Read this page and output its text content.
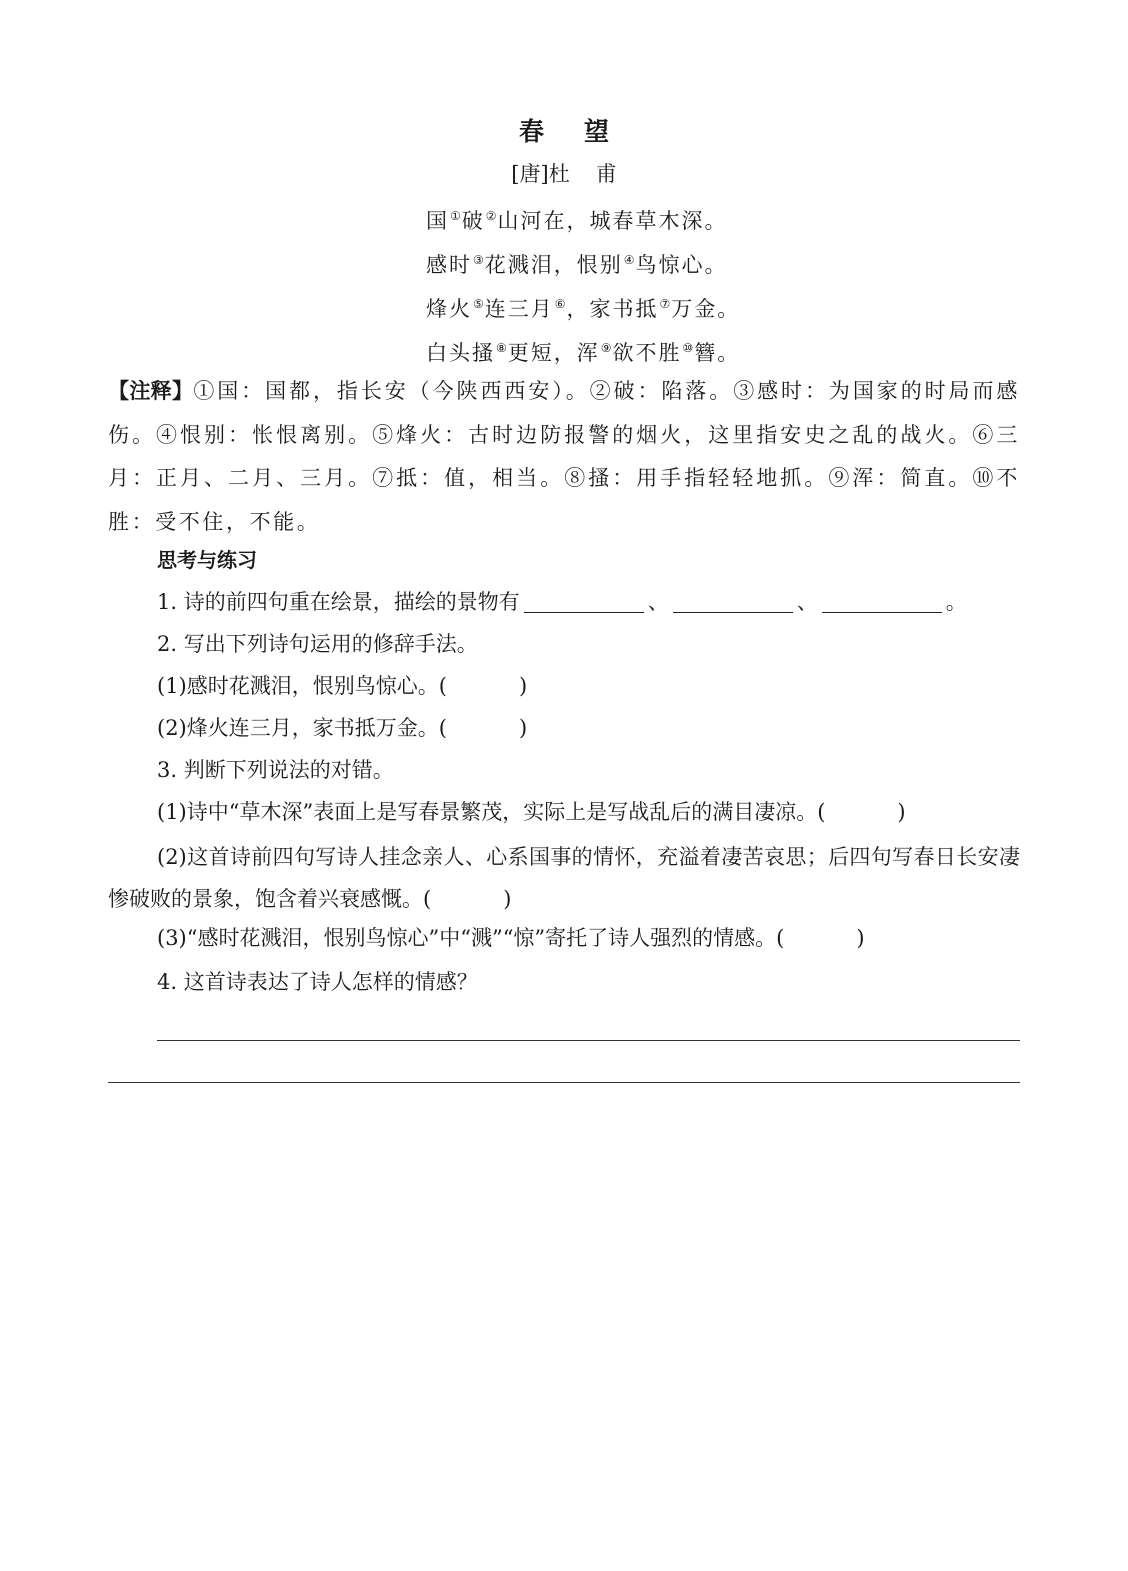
春望
[唐]杜 甫
国①破②山河在，城春草木深。
感时③花溅泪，恨别④鸟惊心。
烽火⑤连三月⑥，家书抵⑦万金。
白头搔⑧更短，浑⑨欲不胜⑩簪。
【注释】①国：国都，指长安（今陕西西安）。②破：陷落。③感时：为国家的时局而感伤。④恨别：怅恨离别。⑤烽火：古时边防报警的烟火，这里指安史之乱的战火。⑥三月：正月、二月、三月。⑦抵：值，相当。⑧搔：用手指轻轻地抓。⑨浑：简直。⑩不胜：受不住，不能。
思考与练习
1. 诗的前四句重在绘景，描绘的景物有	、	、	。
2. 写出下列诗句运用的修辞手法。
(1)感时花溅泪，恨别鸟惊心。(	)
(2)烽火连三月，家书抵万金。(	)
3. 判断下列说法的对错。
(1)诗中“草木深”表面上是写春景繁茂，实际上是写战乱后的满目凄凉。(	)
(2)这首诗前四句写诗人挂念亲人、心系国事的情怀，充溢着凄苦哀思；后四句写春日长安凄惨破败的景象，饱含着兴衰感慨。(	)
(3)“感时花溅泪，恨别鸟惊心”中“溅”“惊”寄托了诗人强烈的情感。(	)
4. 这首诗表达了诗人怎样的情感？
